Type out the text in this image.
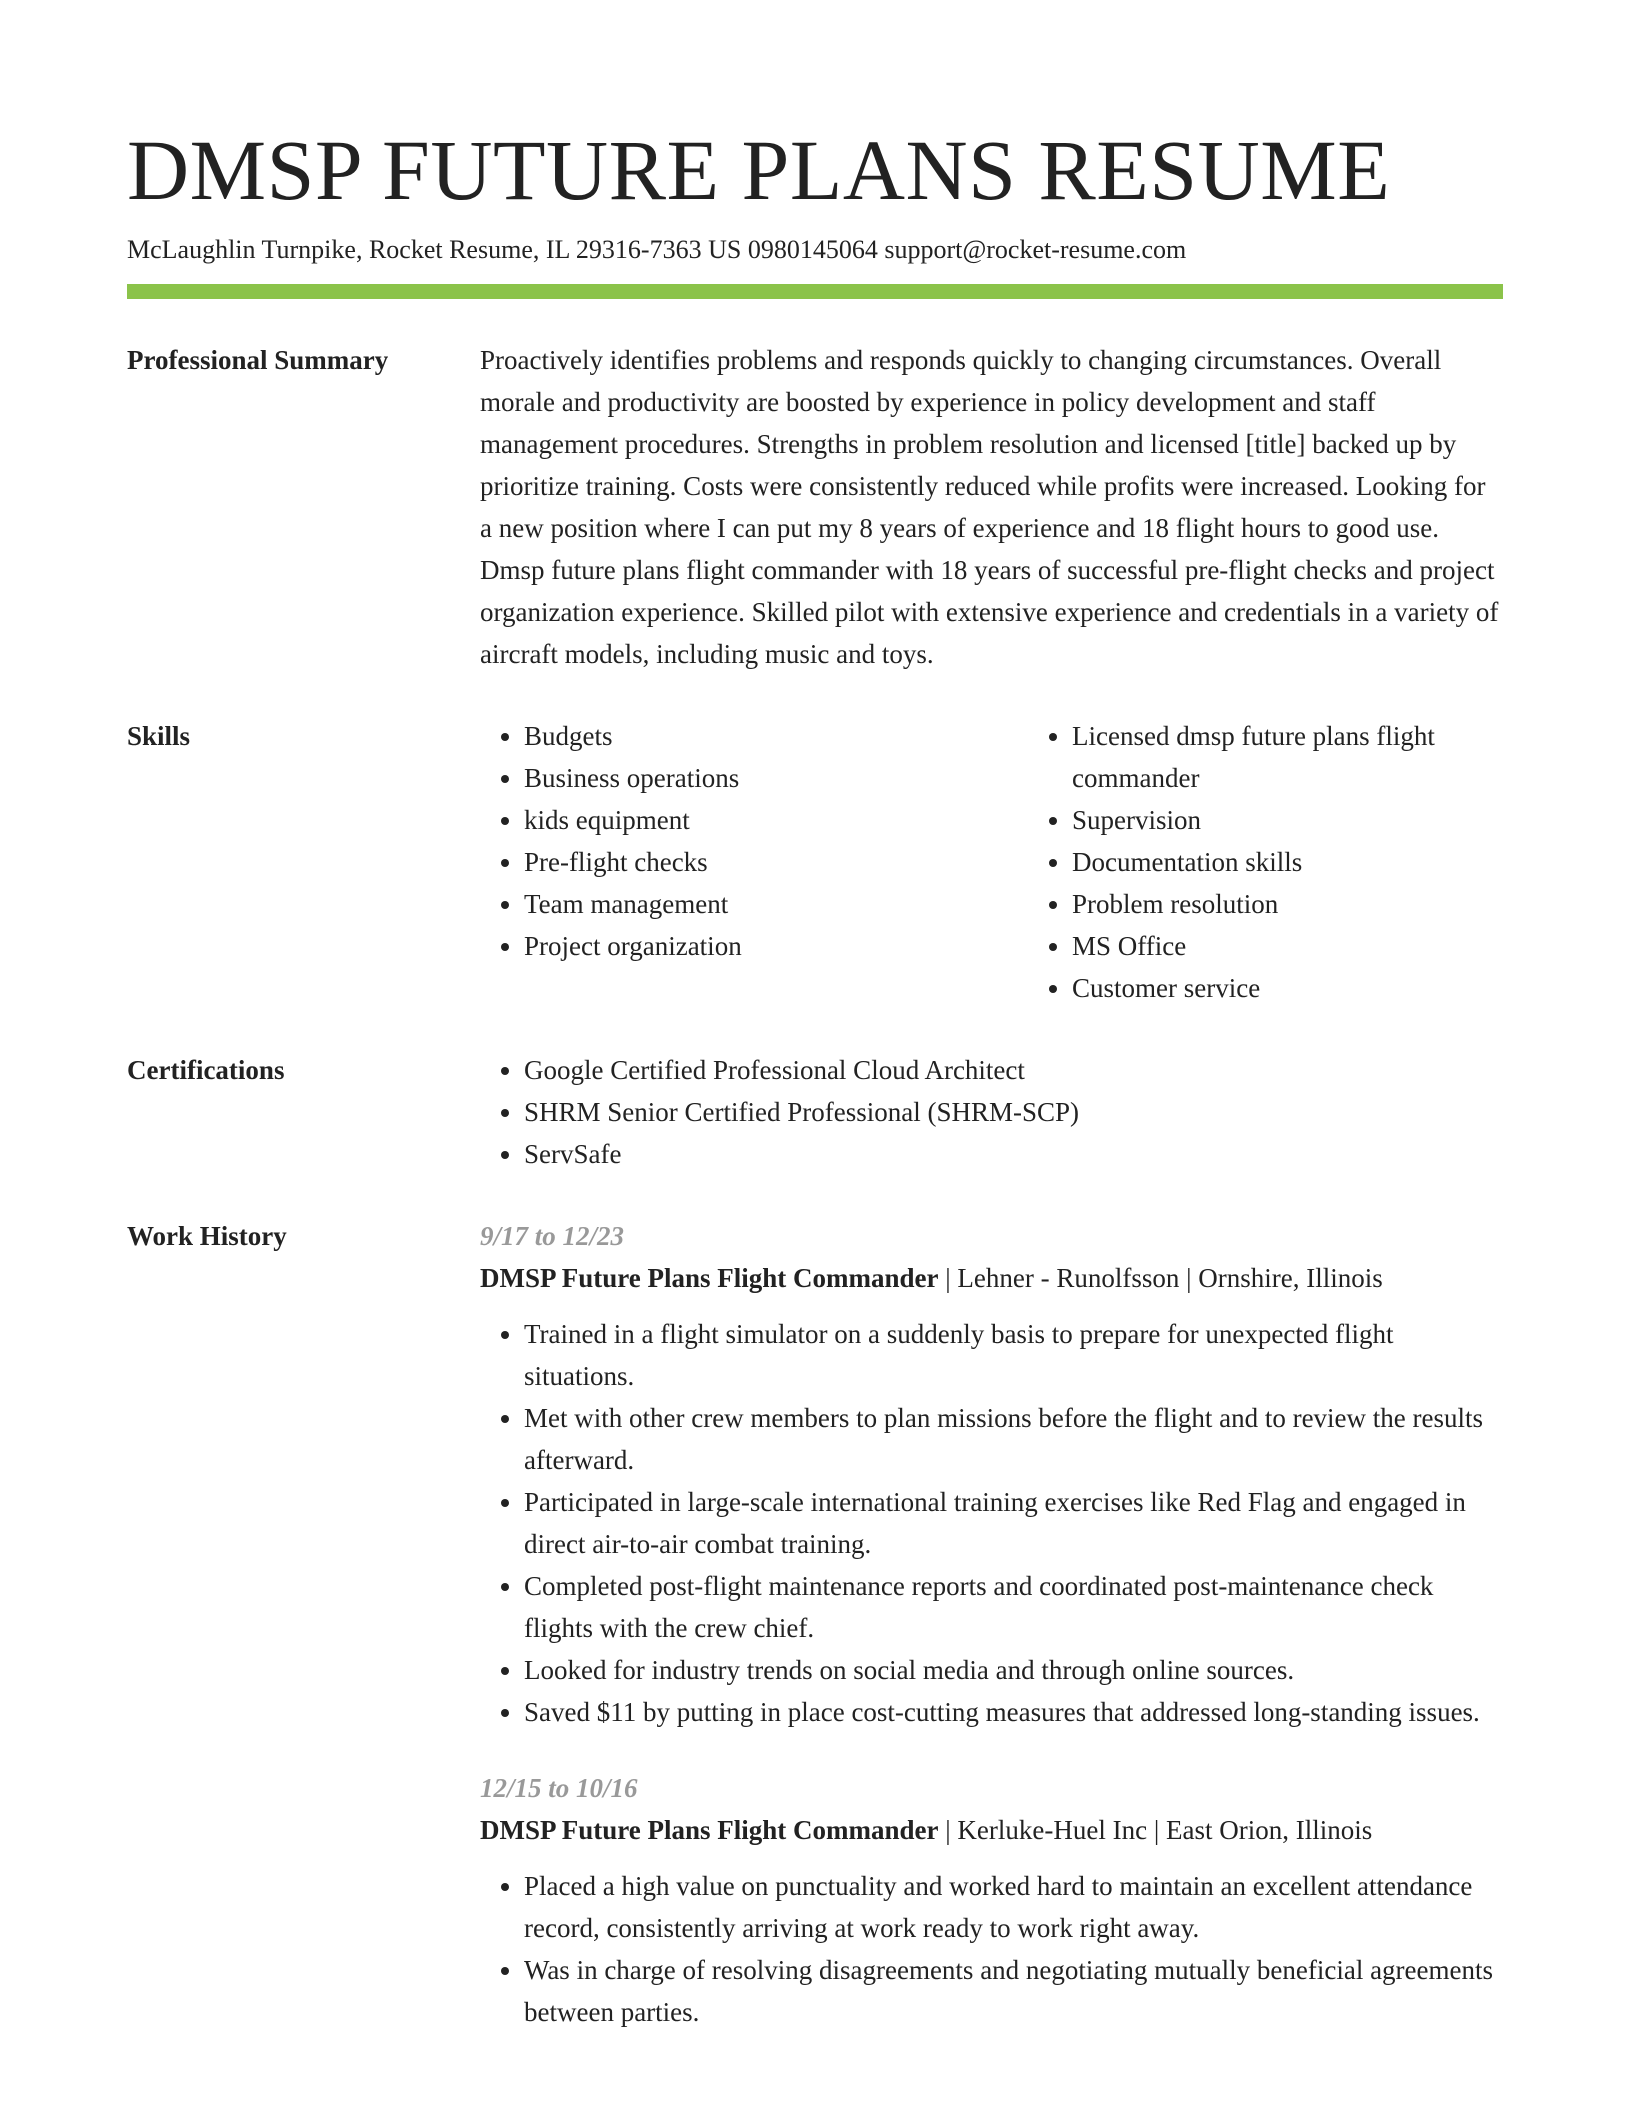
DMSP FUTURE PLANS RESUME
McLaughlin Turnpike, Rocket Resume, IL 29316-7363 US 0980145064 support@rocket-resume.com
Professional Summary	Proactively identifies problems and responds quickly to changing circumstances. Overall morale and productivity are boosted by experience in policy development and staff management procedures. Strengths in problem resolution and licensed [title] backed up by prioritize training. Costs were consistently reduced while profits were increased. Looking for a new position where I can put my 8 years of experience and 18 flight hours to good use. Dmsp future plans flight commander with 18 years of successful pre-flight checks and project organization experience. Skilled pilot with extensive experience and credentials in a variety of aircraft models, including music and toys.

Skills	• Budgets
• Business operations
• kids equipment
• Pre-flight checks
• Team management
• Project organization
• Licensed dmsp future plans flight commander
• Supervision
• Documentation skills
• Problem resolution
• MS Office
• Customer service
Certifications	• Google Certified Professional Cloud Architect
• SHRM Senior Certified Professional (SHRM-SCP)
• ServSafe
Work History	9/17 to 12/23
DMSP Future Plans Flight Commander | Lehner - Runolfsson | Ornshire, Illinois
• Trained in a flight simulator on a suddenly basis to prepare for unexpected flight situations.
• Met with other crew members to plan missions before the flight and to review the results afterward.
• Participated in large-scale international training exercises like Red Flag and engaged in direct air-to-air combat training.
• Completed post-flight maintenance reports and coordinated post-maintenance check flights with the crew chief.
• Looked for industry trends on social media and through online sources.
• Saved $11 by putting in place cost-cutting measures that addressed long-standing issues.
12/15 to 10/16
DMSP Future Plans Flight Commander | Kerluke-Huel Inc | East Orion, Illinois
• Placed a high value on punctuality and worked hard to maintain an excellent attendance record, consistently arriving at work ready to work right away.
• Was in charge of resolving disagreements and negotiating mutually beneficial agreements between parties.
